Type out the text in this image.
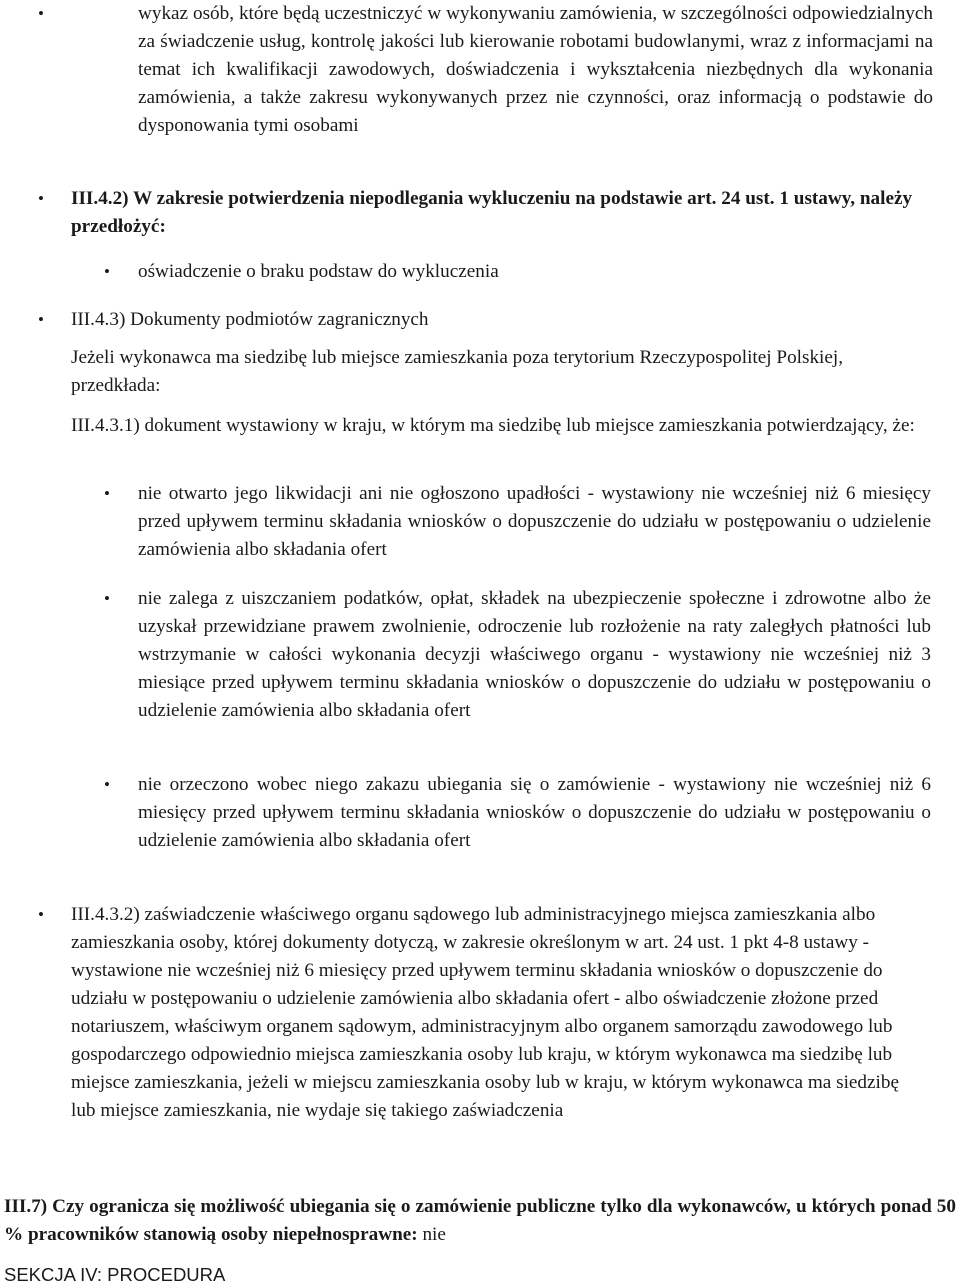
•

wykaz osób, które będą uczestniczyć w wykonywaniu zamówienia, w szczególności odpowiedzialnych za świadczenie usług, kontrolę jakości lub kierowanie robotami budowlanymi, wraz z informacjami na temat ich kwalifikacji zawodowych, doświadczenia i wykształcenia niezbędnych dla wykonania zamówienia, a także zakresu wykonywanych przez nie czynności, oraz informacją o podstawie do dysponowania tymi osobami

•

III.4.2) W zakresie potwierdzenia niepodlegania wykluczeniu na podstawie art. 24 ust. 1 ustawy, należy przedłożyć:

•

oświadczenie o braku podstaw do wykluczenia

•

III.4.3) Dokumenty podmiotów zagranicznych

Jeżeli wykonawca ma siedzibę lub miejsce zamieszkania poza terytorium Rzeczypospolitej Polskiej, przedkłada:

III.4.3.1) dokument wystawiony w kraju, w którym ma siedzibę lub miejsce zamieszkania potwierdzający, że:

•

nie otwarto jego likwidacji ani nie ogłoszono upadłości - wystawiony nie wcześniej niż 6 miesięcy przed upływem terminu składania wniosków o dopuszczenie do udziału w postępowaniu o udzielenie zamówienia albo składania ofert

•

nie zalega z uiszczaniem podatków, opłat, składek na ubezpieczenie społeczne i zdrowotne albo że uzyskał przewidziane prawem zwolnienie, odroczenie lub rozłożenie na raty zaległych płatności lub wstrzymanie w całości wykonania decyzji właściwego organu - wystawiony nie wcześniej niż 3 miesiące przed upływem terminu składania wniosków o dopuszczenie do udziału w postępowaniu o udzielenie zamówienia albo składania ofert

•

nie orzeczono wobec niego zakazu ubiegania się o zamówienie - wystawiony nie wcześniej niż 6 miesięcy przed upływem terminu składania wniosków o dopuszczenie do udziału w postępowaniu o udzielenie zamówienia albo składania ofert

•

III.4.3.2) zaświadczenie właściwego organu sądowego lub administracyjnego miejsca zamieszkania albo zamieszkania osoby, której dokumenty dotyczą, w zakresie określonym w art. 24 ust. 1 pkt 4-8 ustawy - wystawione nie wcześniej niż 6 miesięcy przed upływem terminu składania wniosków o dopuszczenie do udziału w postępowaniu o udzielenie zamówienia albo składania ofert - albo oświadczenie złożone przed notariuszem, właściwym organem sądowym, administracyjnym albo organem samorządu zawodowego lub gospodarczego odpowiednio miejsca zamieszkania osoby lub kraju, w którym wykonawca ma siedzibę lub miejsce zamieszkania, jeżeli w miejscu zamieszkania osoby lub w kraju, w którym wykonawca ma siedzibę lub miejsce zamieszkania, nie wydaje się takiego zaświadczenia

III.7) Czy ogranicza się możliwość ubiegania się o zamówienie publiczne tylko dla wykonawców, u których ponad 50 % pracowników stanowią osoby niepełnosprawne: nie

SEKCJA IV: PROCEDURA
